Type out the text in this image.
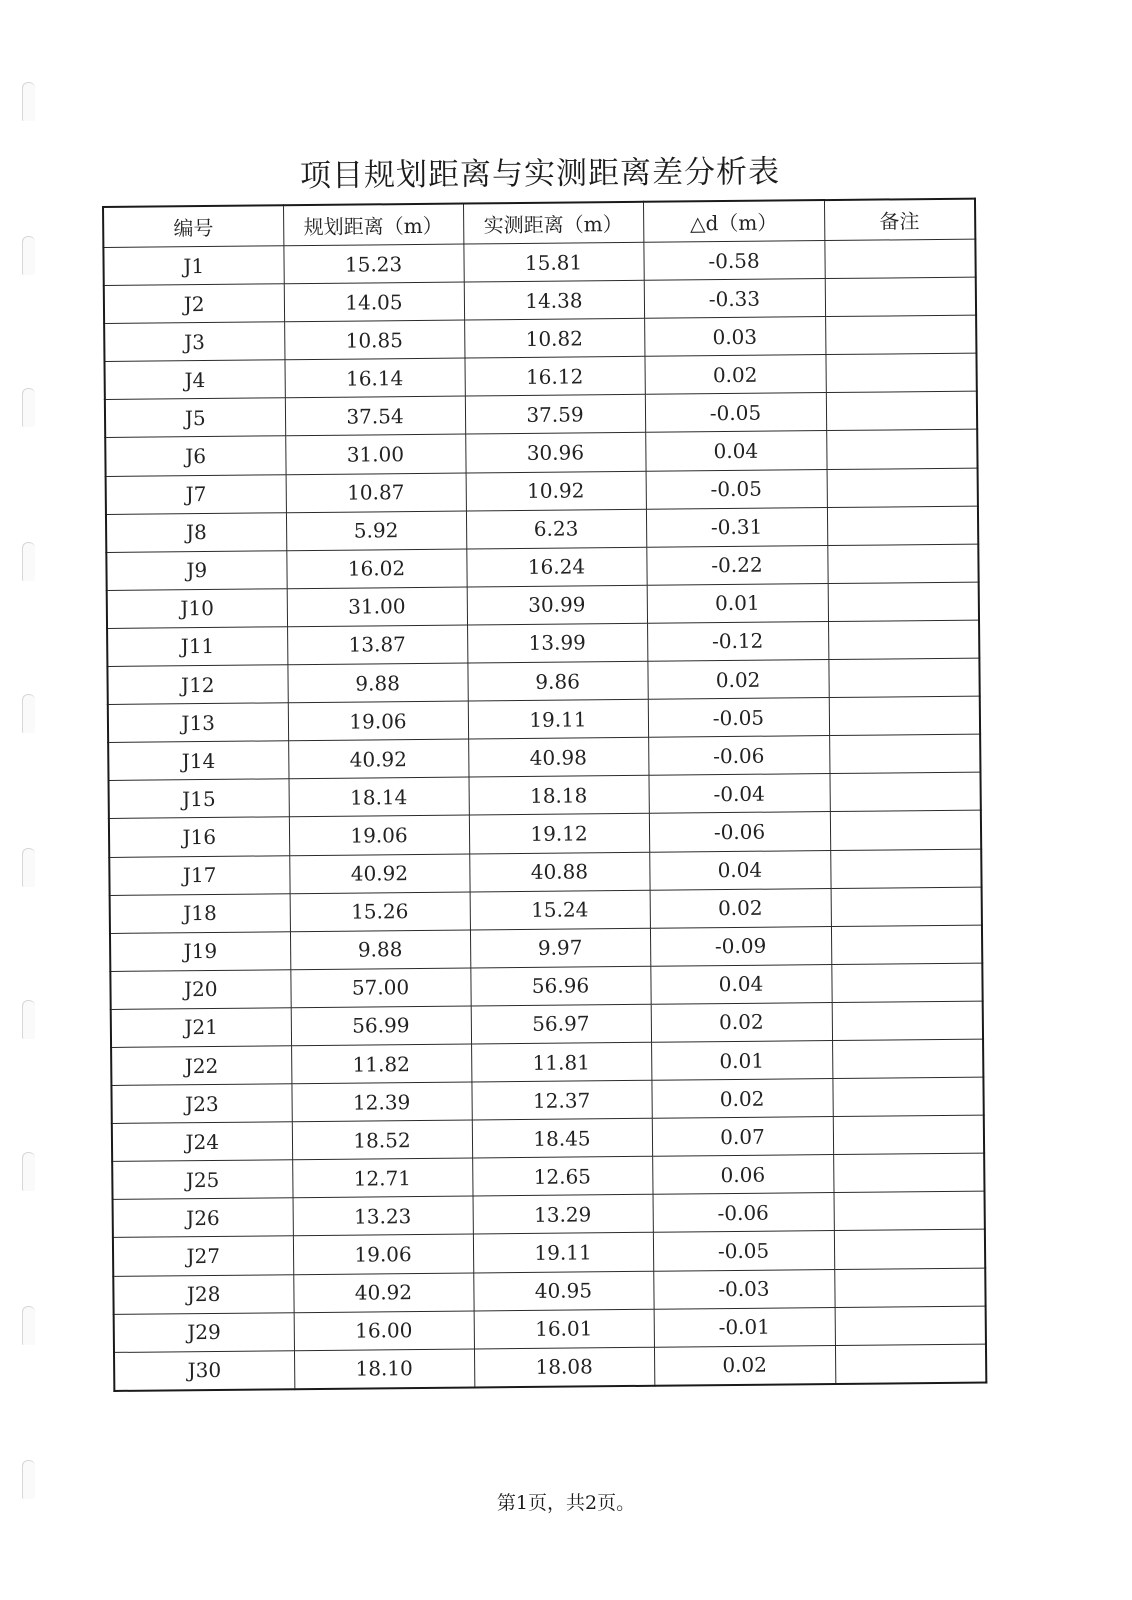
项目规划距离与实测距离差分析表
编号	规划距离（m）	实测距离（m）	△d（m）	备注
J1	15.23	15.81	-0.58	
J2	14.05	14.38	-0.33	
J3	10.85	10.82	0.03	
J4	16.14	16.12	0.02	
J5	37.54	37.59	-0.05	
J6	31.00	30.96	0.04	
J7	10.87	10.92	-0.05	
J8	5.92	6.23	-0.31	
J9	16.02	16.24	-0.22	
J10	31.00	30.99	0.01	
J11	13.87	13.99	-0.12	
J12	9.88	9.86	0.02	
J13	19.06	19.11	-0.05	
J14	40.92	40.98	-0.06	
J15	18.14	18.18	-0.04	
J16	19.06	19.12	-0.06	
J17	40.92	40.88	0.04	
J18	15.26	15.24	0.02	
J19	9.88	9.97	-0.09	
J20	57.00	56.96	0.04	
J21	56.99	56.97	0.02	
J22	11.82	11.81	0.01	
J23	12.39	12.37	0.02	
J24	18.52	18.45	0.07	
J25	12.71	12.65	0.06	
J26	13.23	13.29	-0.06	
J27	19.06	19.11	-0.05	
J28	40.92	40.95	-0.03	
J29	16.00	16.01	-0.01	
J30	18.10	18.08	0.02	
第1页，共2页。
